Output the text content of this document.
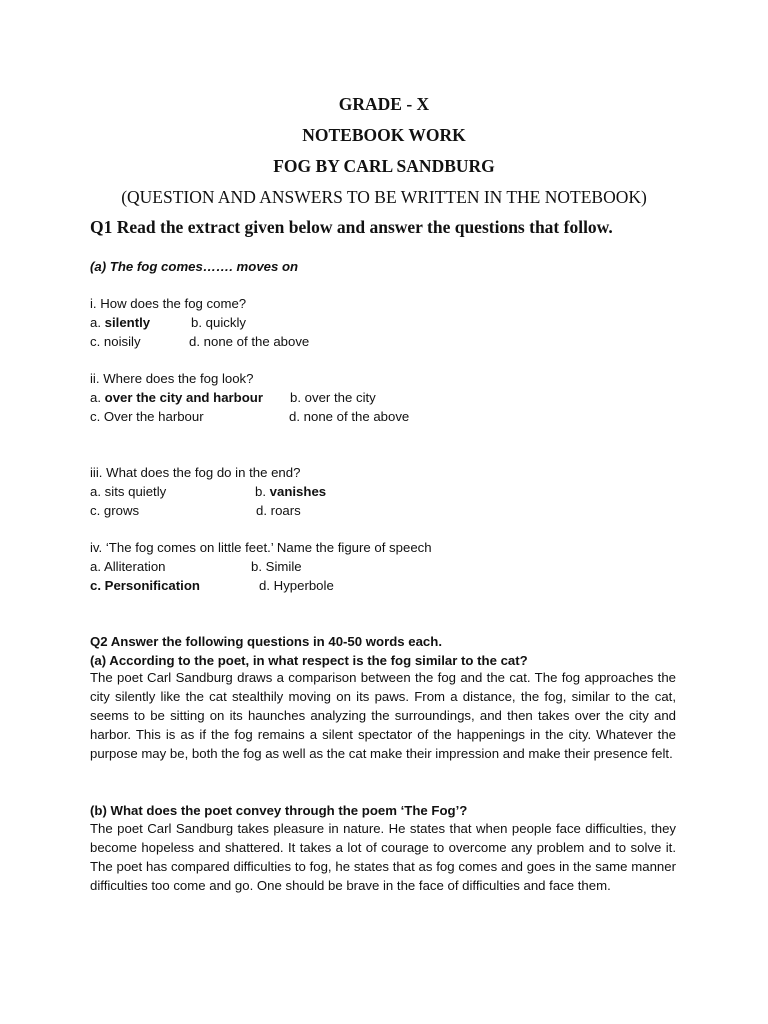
GRADE - X
NOTEBOOK WORK
FOG BY CARL SANDBURG
(QUESTION AND ANSWERS TO BE WRITTEN IN THE NOTEBOOK)
Q1 Read the extract given below and answer the questions that follow.
(a) The fog comes……. moves on
i. How does the fog come?
a. silently	b. quickly
c. noisily	d. none of the above
ii. Where does the fog look?
a. over the city and harbour b. over the city
c. Over the harbour	d. none of the above
iii. What does the fog do in the end?
a. sits quietly	b. vanishes
c. grows	d. roars
iv. ‘The fog comes on little feet.’ Name the figure of speech
a. Alliteration	b. Simile
c. Personification	d. Hyperbole
Q2 Answer the following questions in 40-50 words each.
(a) According to the poet, in what respect is the fog similar to the cat?
The poet Carl Sandburg draws a comparison between the fog and the cat. The fog approaches the city silently like the cat stealthily moving on its paws. From a distance, the fog, similar to the cat, seems to be sitting on its haunches analyzing the surroundings, and then takes over the city and harbor. This is as if the fog remains a silent spectator of the happenings in the city. Whatever the purpose may be, both the fog as well as the cat make their impression and make their presence felt.
(b) What does the poet convey through the poem ‘The Fog’?
The poet Carl Sandburg takes pleasure in nature. He states that when people face difficulties, they become hopeless and shattered. It takes a lot of courage to overcome any problem and to solve it. The poet has compared difficulties to fog, he states that as fog comes and goes in the same manner difficulties too come and go. One should be brave in the face of difficulties and face them.
